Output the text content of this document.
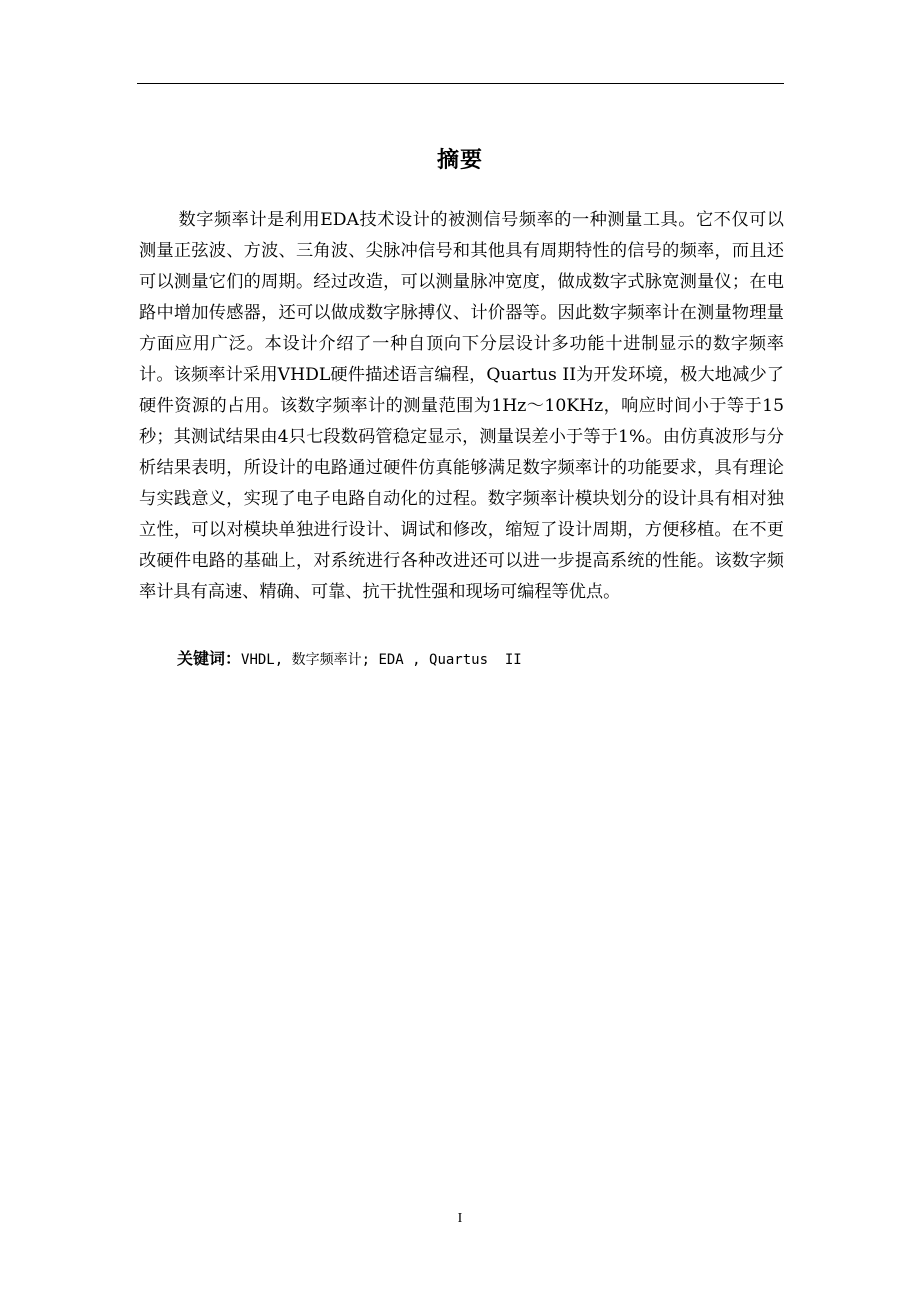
摘要

数字频率计是利用EDA技术设计的被测信号频率的一种测量工具。它不仅可以测量正弦波、方波、三角波、尖脉冲信号和其他具有周期特性的信号的频率，而且还可以测量它们的周期。经过改造，可以测量脉冲宽度，做成数字式脉宽测量仪；在电路中增加传感器，还可以做成数字脉搏仪、计价器等。因此数字频率计在测量物理量方面应用广泛。本设计介绍了一种自顶向下分层设计多功能十进制显示的数字频率计。该频率计采用VHDL硬件描述语言编程，Quartus II为开发环境，极大地减少了硬件资源的占用。该数字频率计的测量范围为1Hz～10KHz，响应时间小于等于15秒；其测试结果由4只七段数码管稳定显示，测量误差小于等于1%。由仿真波形与分析结果表明，所设计的电路通过硬件仿真能够满足数字频率计的功能要求，具有理论与实践意义，实现了电子电路自动化的过程。数字频率计模块划分的设计具有相对独立性，可以对模块单独进行设计、调试和修改，缩短了设计周期，方便移植。在不更改硬件电路的基础上，对系统进行各种改进还可以进一步提高系统的性能。该数字频率计具有高速、精确、可靠、抗干扰性强和现场可编程等优点。

关键词：VHDL, 数字频率计; EDA , Quartus  II

I
